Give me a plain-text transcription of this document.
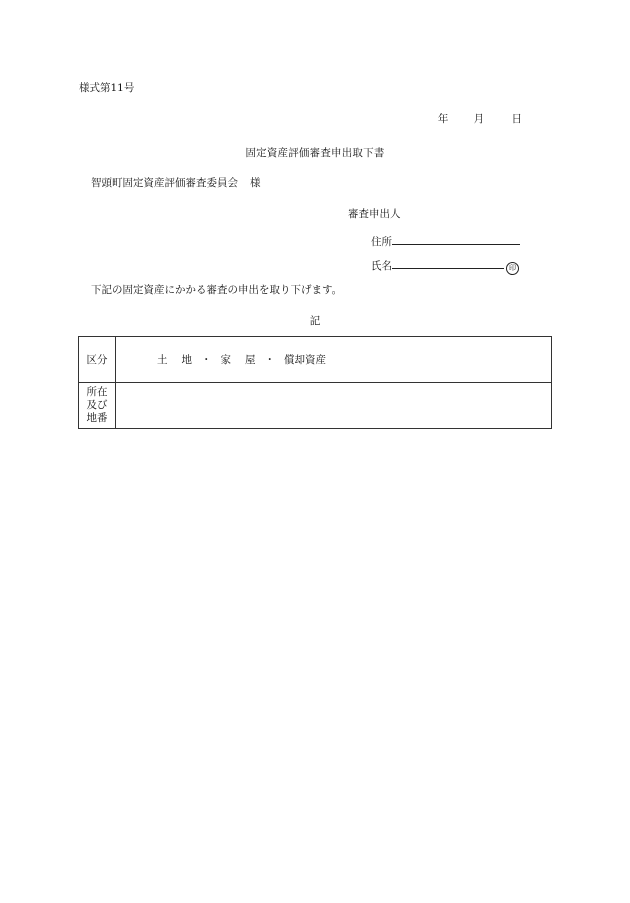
様式第11号
年 月	日
固定資産評価審査申出取下書
智頭町固定資産評価審査委員会 様
審査申出人
住所
氏名	印
下記の固定資産にかかる審査の申出を取り下げます。
記
区分	土 地 ・ 家 屋 ・ 償却資産

所在
及び
地番	
